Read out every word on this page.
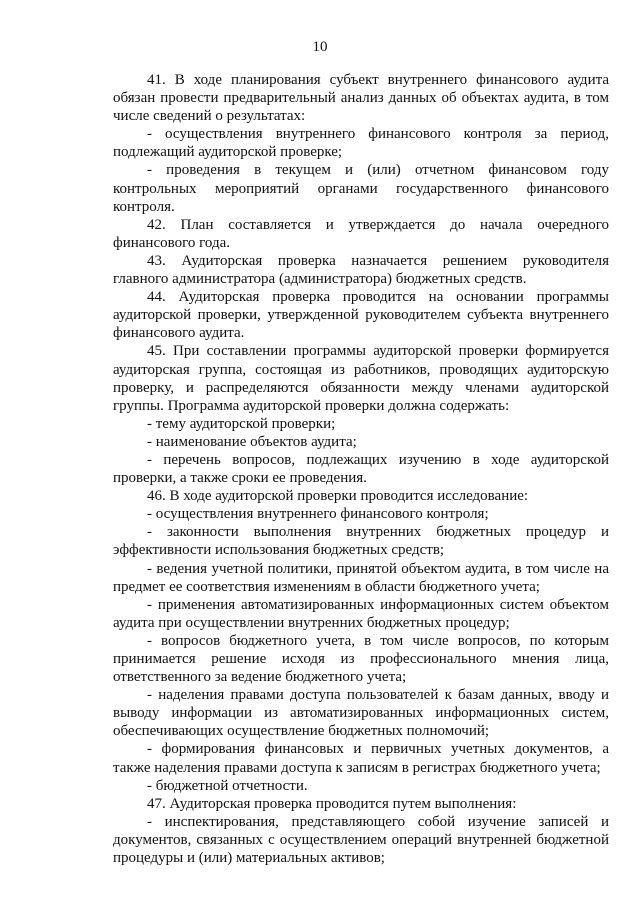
10

41. В ходе планирования субъект внутреннего финансового аудита обязан провести предварительный анализ данных об объектах аудита, в том числе сведений о результатах:

- осуществления внутреннего финансового контроля за период, подлежащий аудиторской проверке;

- проведения в текущем и (или) отчетном финансовом году контрольных мероприятий органами государственного финансового контроля.

42. План составляется и утверждается до начала очередного финансового года.

43. Аудиторская проверка назначается решением руководителя главного администратора (администратора) бюджетных средств.

44. Аудиторская проверка проводится на основании программы аудиторской проверки, утвержденной руководителем субъекта внутреннего финансового аудита.

45. При составлении программы аудиторской проверки формируется аудиторская группа, состоящая из работников, проводящих аудиторскую проверку, и распределяются обязанности между членами аудиторской группы. Программа аудиторской проверки должна содержать:

- тему аудиторской проверки;

- наименование объектов аудита;

- перечень вопросов, подлежащих изучению в ходе аудиторской проверки, а также сроки ее проведения.

46. В ходе аудиторской проверки проводится исследование:

- осуществления внутреннего финансового контроля;

- законности выполнения внутренних бюджетных процедур и эффективности использования бюджетных средств;

- ведения учетной политики, принятой объектом аудита, в том числе на предмет ее соответствия изменениям в области бюджетного учета;

- применения автоматизированных информационных систем объектом аудита при осуществлении внутренних бюджетных процедур;

- вопросов бюджетного учета, в том числе вопросов, по которым принимается решение исходя из профессионального мнения лица, ответственного за ведение бюджетного учета;

- наделения правами доступа пользователей к базам данных, вводу и выводу информации из автоматизированных информационных систем, обеспечивающих осуществление бюджетных полномочий;

- формирования финансовых и первичных учетных документов, а также наделения правами доступа к записям в регистрах бюджетного учета;

- бюджетной отчетности.

47. Аудиторская проверка проводится путем выполнения:

- инспектирования, представляющего собой изучение записей и документов, связанных с осуществлением операций внутренней бюджетной процедуры и (или) материальных активов;
